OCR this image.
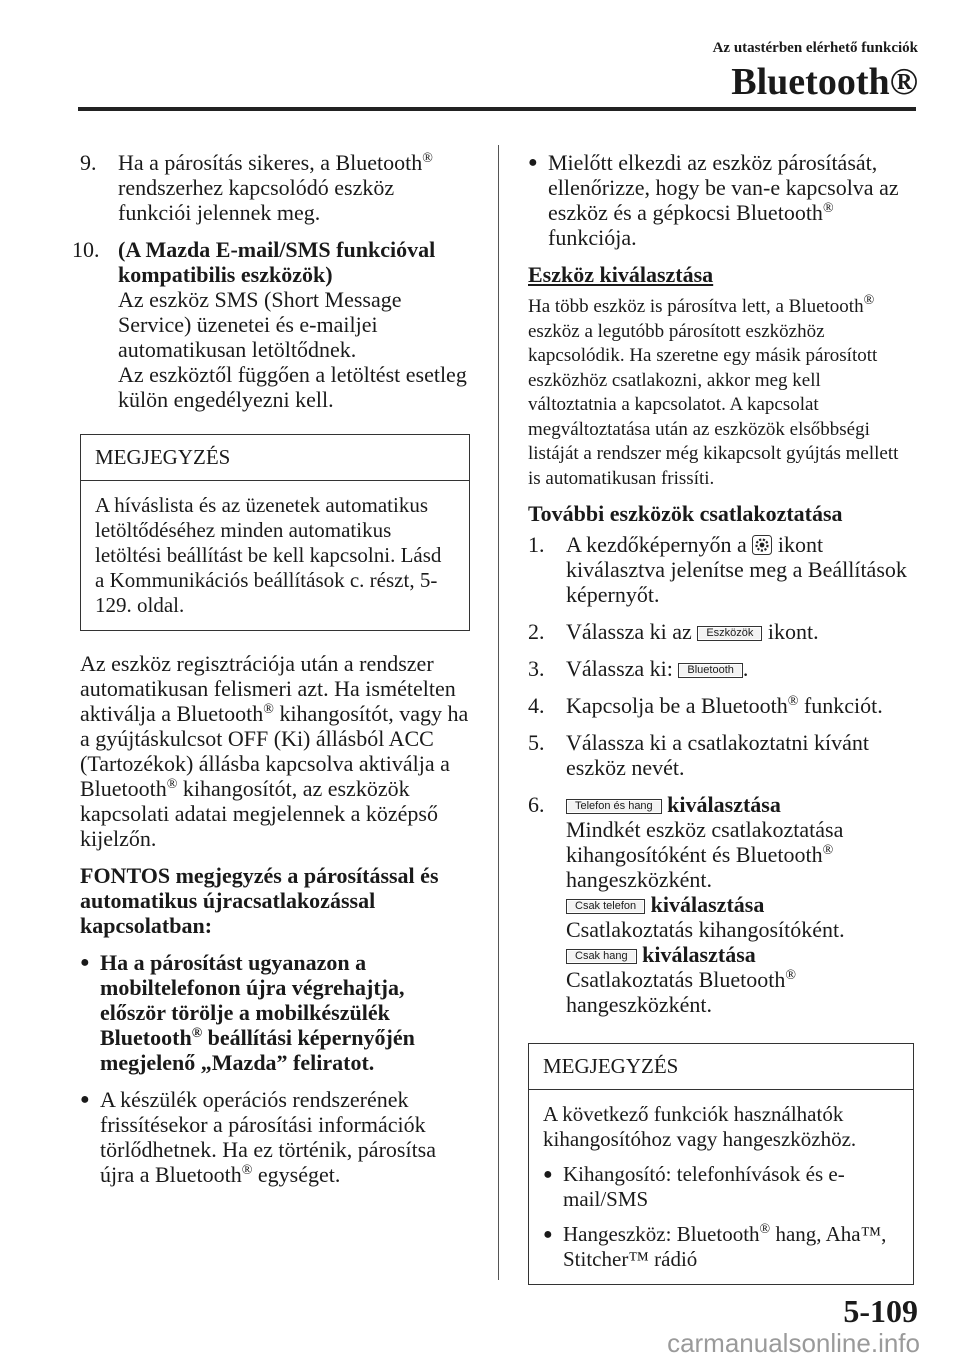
Az utastérben elérhető funkciók
Bluetooth®
9. Ha a párosítás sikeres, a Bluetooth® rendszerhez kapcsolódó eszköz funkciói jelennek meg.
10. (A Mazda E-mail/SMS funkcióval kompatibilis eszközök)
Az eszköz SMS (Short Message Service) üzenetei és e-mailjei automatikusan letöltődnek.
Az eszköztől függően a letöltést esetleg külön engedélyezni kell.
MEGJEGYZÉS
A híváslista és az üzenetek automatikus letöltődéséhez minden automatikus letöltési beállítást be kell kapcsolni. Lásd a Kommunikációs beállítások c. részt, 5-129. oldal.

Az eszköz regisztrációja után a rendszer automatikusan felismeri azt. Ha ismételten aktiválja a Bluetooth® kihangosítót, vagy ha a gyújtáskulcsot OFF (Ki) állásból ACC (Tartozékok) állásba kapcsolva aktiválja a Bluetooth® kihangosítót, az eszközök kapcsolati adatai megjelennek a középső kijelzőn.

FONTOS megjegyzés a párosítással és automatikus újracsatlakozással kapcsolatban:

● Ha a párosítást ugyanazon a mobiltelefonon újra végrehajtja, először törölje a mobilkészülék Bluetooth® beállítási képernyőjén megjelenő „Mazda” feliratot.
● A készülék operációs rendszerének frissítésekor a párosítási információk törlődhetnek. Ha ez történik, párosítsa újra a Bluetooth® egységet.
● Mielőtt elkezdi az eszköz párosítását, ellenőrizze, hogy be van-e kapcsolva az eszköz és a gépkocsi Bluetooth® funkciója.
Eszköz kiválasztása

Ha több eszköz is párosítva lett, a Bluetooth® eszköz a legutóbb párosított eszközhöz kapcsolódik. Ha szeretne egy másik párosított eszközhöz csatlakozni, akkor meg kell változtatnia a kapcsolatot. A kapcsolat megváltoztatása után az eszközök elsőbbségi listáját a rendszer még kikapcsolt gyújtás mellett is automatikusan frissíti.

További eszközök csatlakoztatása
1. A kezdőképernyőn a ikont kiválasztva jelenítse meg a Beállítások képernyőt.
2. Válassza ki az Eszközök ikont.
3. Válassza ki: Bluetooth .
4. Kapcsolja be a Bluetooth® funkciót.
5. Válassza ki a csatlakoztatni kívánt eszköz nevét.
6.	Telefon és hang kiválasztása
Mindkét eszköz csatlakoztatása kihangosítóként és Bluetooth® hangeszközként.
Csak telefon kiválasztása
Csatlakoztatás kihangosítóként.
Csak hang kiválasztása
Csatlakoztatás Bluetooth® hangeszközként.
MEGJEGYZÉS

A következő funkciók használhatók kihangosítóhoz vagy hangeszközhöz.

● Kihangosító: telefonhívások és e-mail/SMS
● Hangeszköz: Bluetooth® hang, Aha™, Stitcher™ rádió
5-109
carmanualsonline.info
